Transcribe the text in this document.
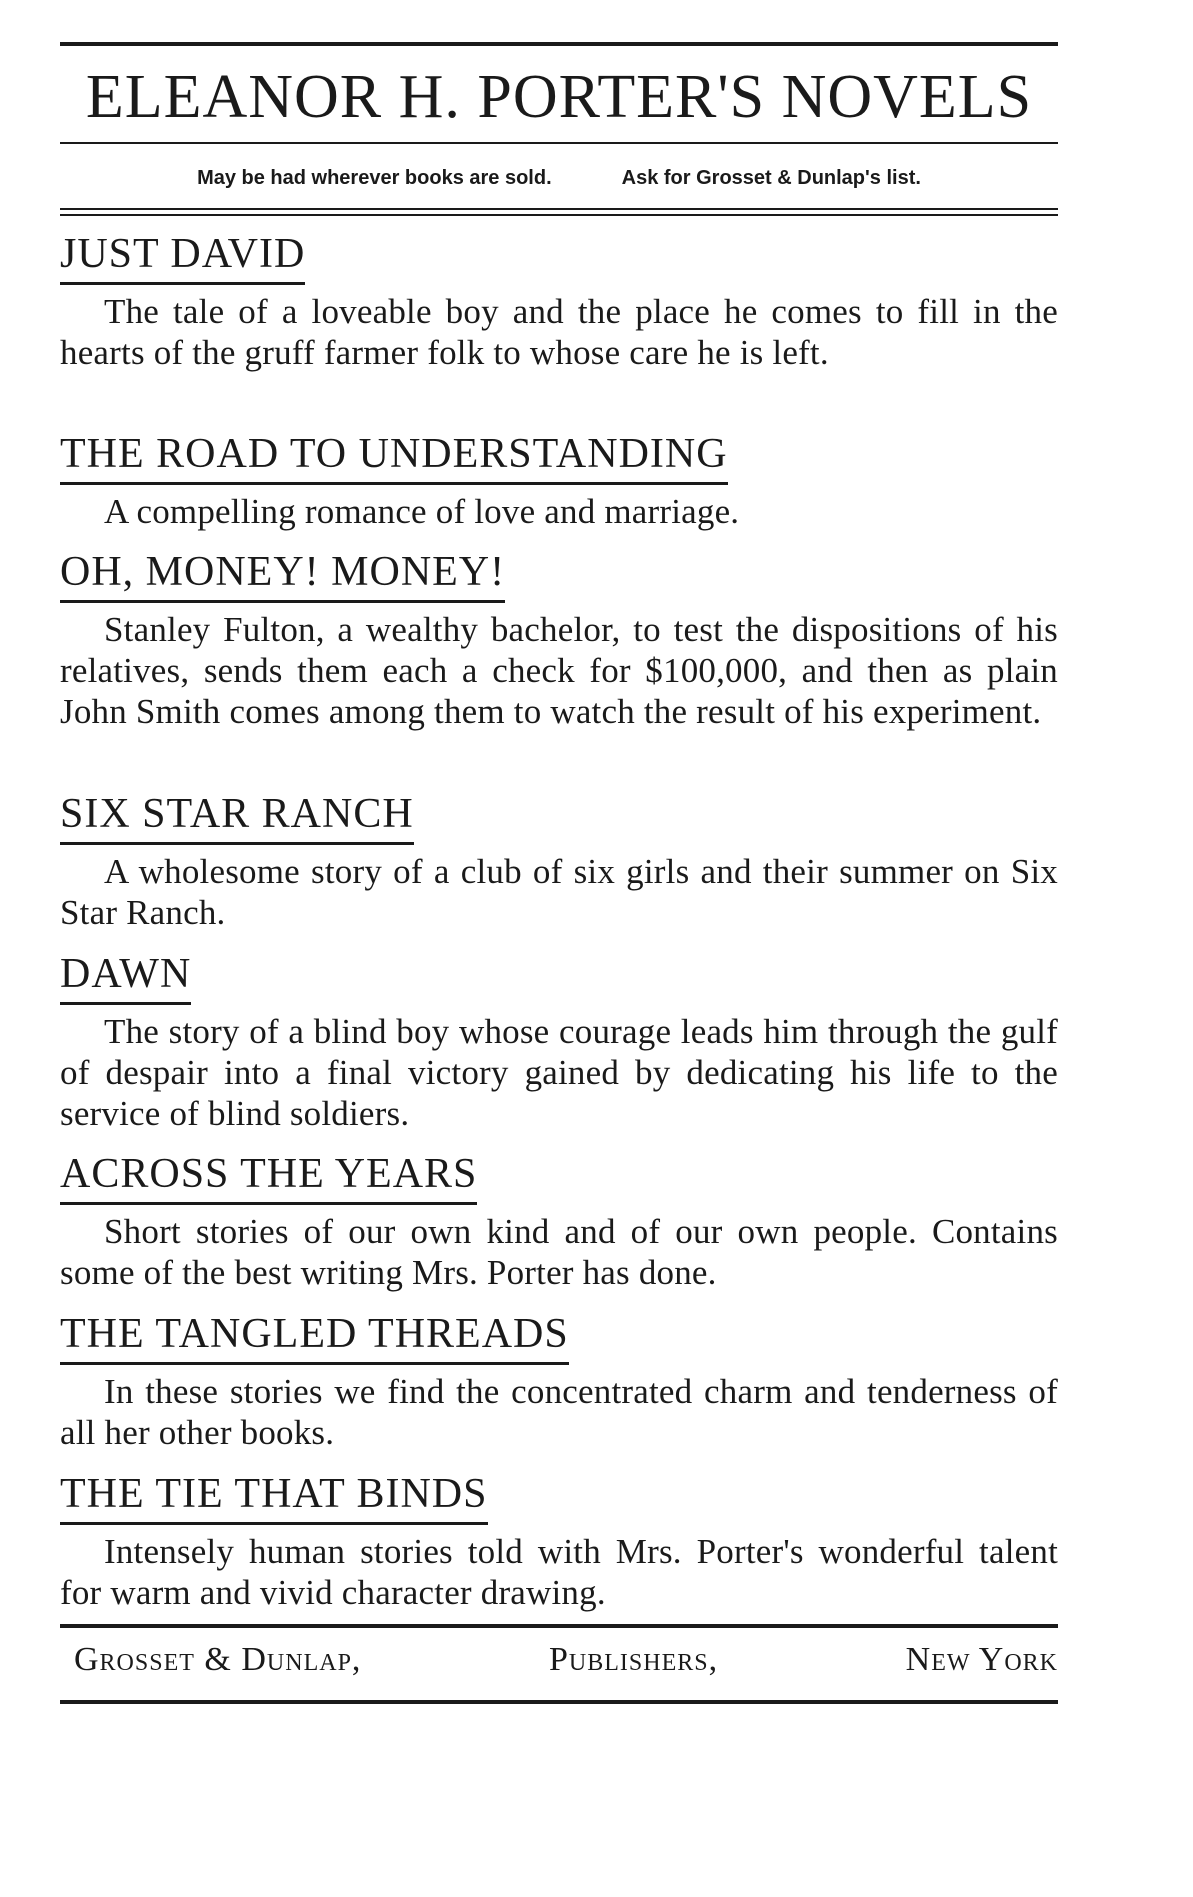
ELEANOR H. PORTER'S NOVELS
May be had wherever books are sold.	Ask for Grosset & Dunlap's list.
JUST DAVID

The tale of a loveable boy and the place he comes to fill in the hearts of the gruff farmer folk to whose care he is left.

THE ROAD TO UNDERSTANDING

A compelling romance of love and marriage.

OH, MONEY! MONEY!

Stanley Fulton, a wealthy bachelor, to test the dispositions of his relatives, sends them each a check for $100,000, and then as plain John Smith comes among them to watch the result of his experiment.

SIX STAR RANCH

A wholesome story of a club of six girls and their summer on Six Star Ranch.

DAWN

The story of a blind boy whose courage leads him through the gulf of despair into a final victory gained by dedicating his life to the service of blind soldiers.

ACROSS THE YEARS

Short stories of our own kind and of our own people. Contains some of the best writing Mrs. Porter has done.

THE TANGLED THREADS

In these stories we find the concentrated charm and tenderness of all her other books.

THE TIE THAT BINDS

Intensely human stories told with Mrs. Porter's wonderful talent for warm and vivid character drawing.

Grosset & Dunlap,	Publishers,	New York
